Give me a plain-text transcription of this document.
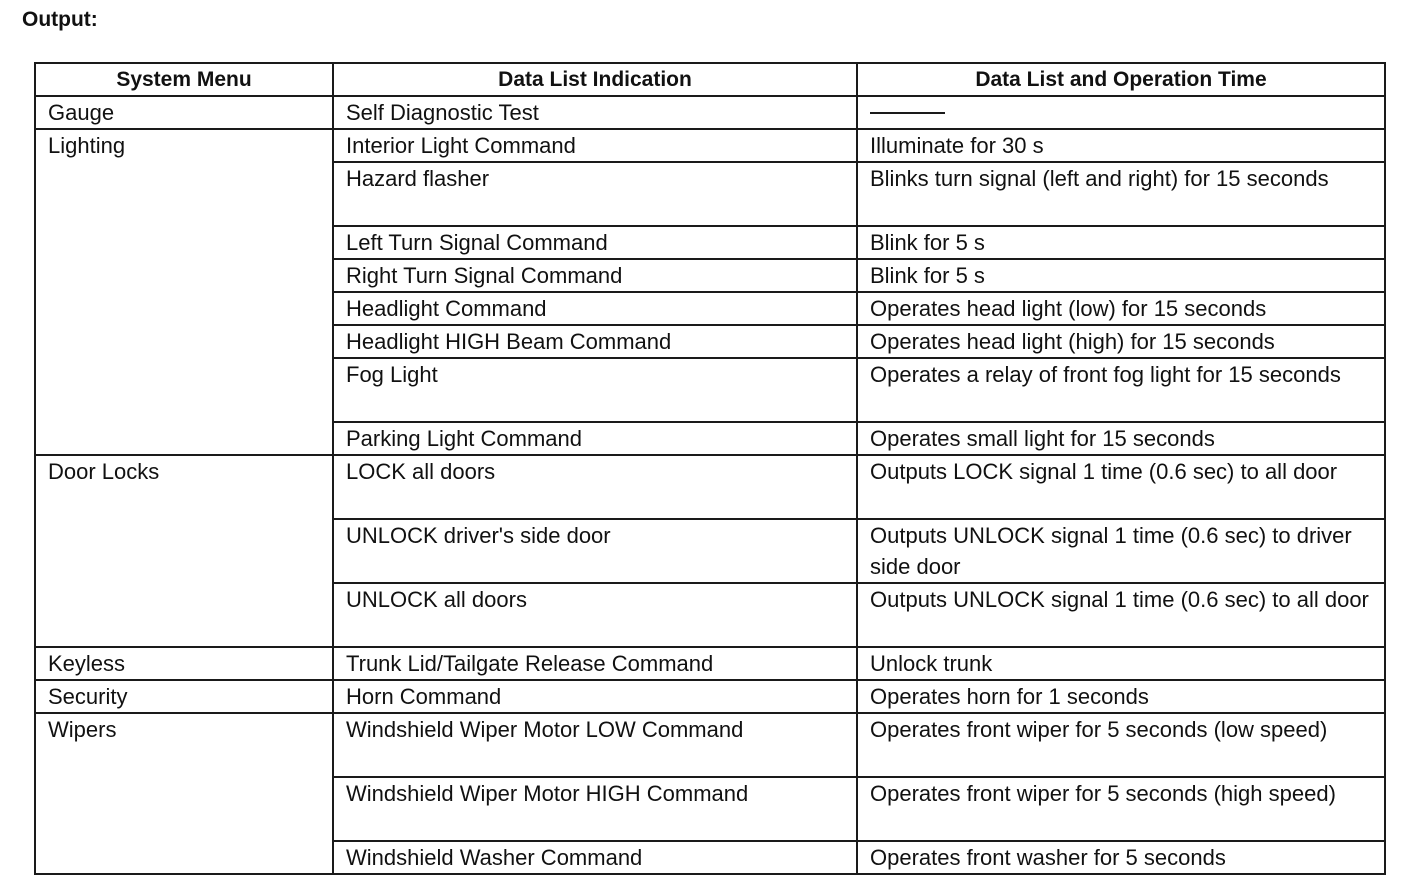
Output:
System Menu	Data List Indication	Data List and Operation Time
Gauge	Self Diagnostic Test	

Lighting	Interior Light Command	Illuminate for 30 s
	Hazard flasher	Blinks turn signal (left and right) for 15 seconds
	Left Turn Signal Command	Blink for 5 s
	Right Turn Signal Command	Blink for 5 s
	Headlight Command	Operates head light (low) for 15 seconds
	Headlight HIGH Beam Command	Operates head light (high) for 15 seconds
	Fog Light	Operates a relay of front fog light for 15 seconds
	Parking Light Command	Operates small light for 15 seconds
Door Locks	LOCK all doors	Outputs LOCK signal 1 time (0.6 sec) to all door
	UNLOCK driver's side door	Outputs UNLOCK signal 1 time (0.6 sec) to driver side door
	UNLOCK all doors	Outputs UNLOCK signal 1 time (0.6 sec) to all door
Keyless	Trunk Lid/Tailgate Release Command	Unlock trunk
Security	Horn Command	Operates horn for 1 seconds
Wipers	Windshield Wiper Motor LOW Command	Operates front wiper for 5 seconds (low speed)
	Windshield Wiper Motor HIGH Command	Operates front wiper for 5 seconds (high speed)
	Windshield Washer Command	Operates front washer for 5 seconds
